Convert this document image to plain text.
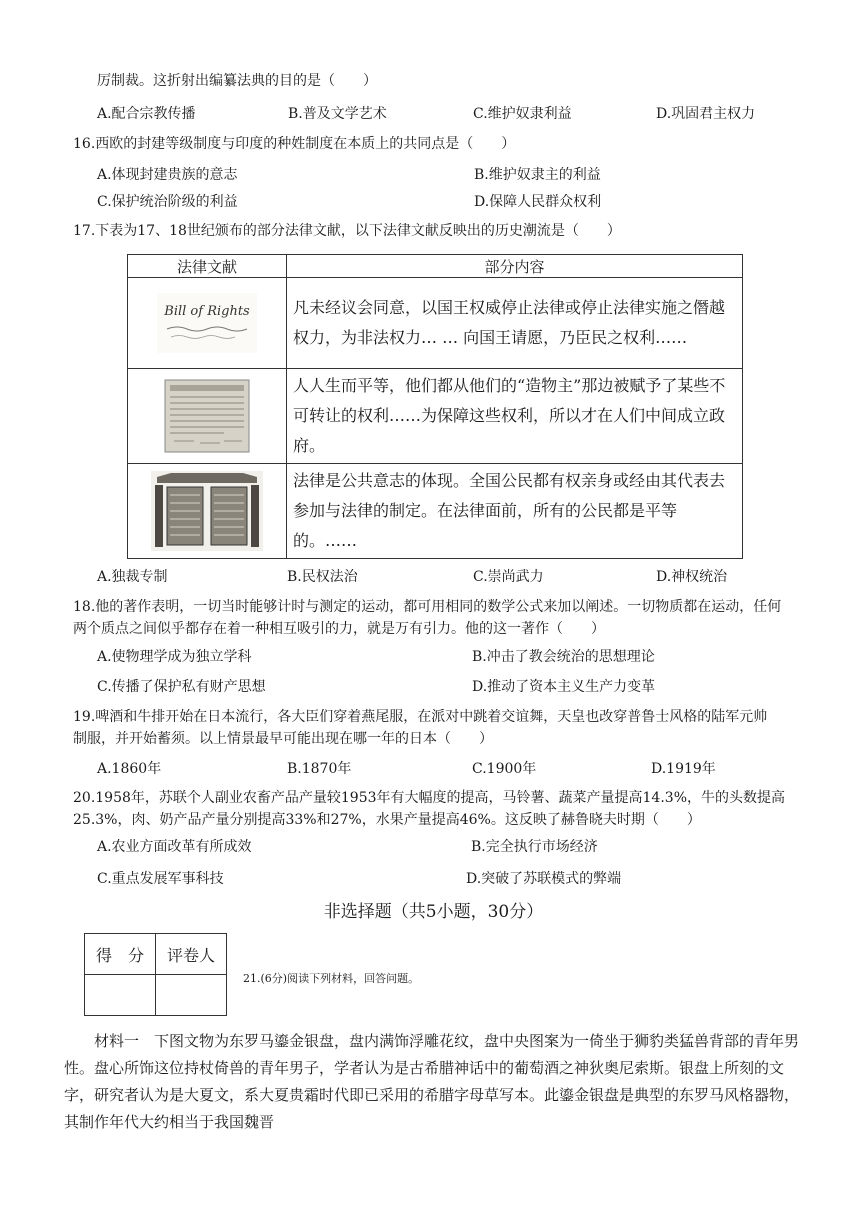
厉制裁。这折射出编纂法典的目的是（　　）
A.配合宗教传播	B.普及文学艺术	C.维护奴隶利益	D.巩固君主权力
16.西欧的封建等级制度与印度的种姓制度在本质上的共同点是（　　）
A.体现封建贵族的意志	B.维护奴隶主的利益
C.保护统治阶级的利益	D.保障人民群众权利
17.下表为17、18世纪颁布的部分法律文献，以下法律文献反映出的历史潮流是（　　）
法律文献	部分内容

Bill of Rights	凡未经议会同意，以国王权威停止法律或停止法律实施之僭越权力，为非法权力… … 向国王请愿，乃臣民之权利……

	人人生而平等，他们都从他们的“造物主”那边被赋予了某些不可转让的权利……为保障这些权利，所以才在人们中间成立政府。

	法律是公共意志的体现。全国公民都有权亲身或经由其代表去参加与法律的制定。在法律面前，所有的公民都是平等的。……
A.独裁专制	B.民权法治	C.崇尚武力	D.神权统治
18.他的著作表明，一切当时能够计时与测定的运动，都可用相同的数学公式来加以阐述。一切物质都在运动，任何
两个质点之间似乎都存在着一种相互吸引的力，就是万有引力。他的这一著作（　　）
A.使物理学成为独立学科	B.冲击了教会统治的思想理论
C.传播了保护私有财产思想	D.推动了资本主义生产力变革
19.啤酒和牛排开始在日本流行，各大臣们穿着燕尾服，在派对中跳着交谊舞，天皇也改穿普鲁士风格的陆军元帅
制服，并开始蓄须。以上情景最早可能出现在哪一年的日本（　　）
A.1860年	B.1870年	C.1900年	D.1919年
20.1958年，苏联个人副业农畜产品产量较1953年有大幅度的提高，马铃薯、蔬菜产量提高14.3%，牛的头数提高
25.3%，肉、奶产品产量分别提高33%和27%，水果产量提高46%。这反映了赫鲁晓夫时期（　　）
A.农业方面改革有所成效	B.完全执行市场经济
C.重点发展军事科技	D.突破了苏联模式的弊端
非选择题（共5小题，30分）
得　分	评卷人

21.(6分)阅读下列材料，回答问题。
材料一　下图文物为东罗马鎏金银盘，盘内满饰浮雕花纹，盘中央图案为一倚坐于狮豹类猛兽背部的青年男性。盘心所饰这位持杖倚兽的青年男子，学者认为是古希腊神话中的葡萄酒之神狄奥尼索斯。银盘上所刻的文字，研究者认为是大夏文，系大夏贵霜时代即已采用的希腊字母草写本。此鎏金银盘是典型的东罗马风格器物，其制作年代大约相当于我国魏晋
